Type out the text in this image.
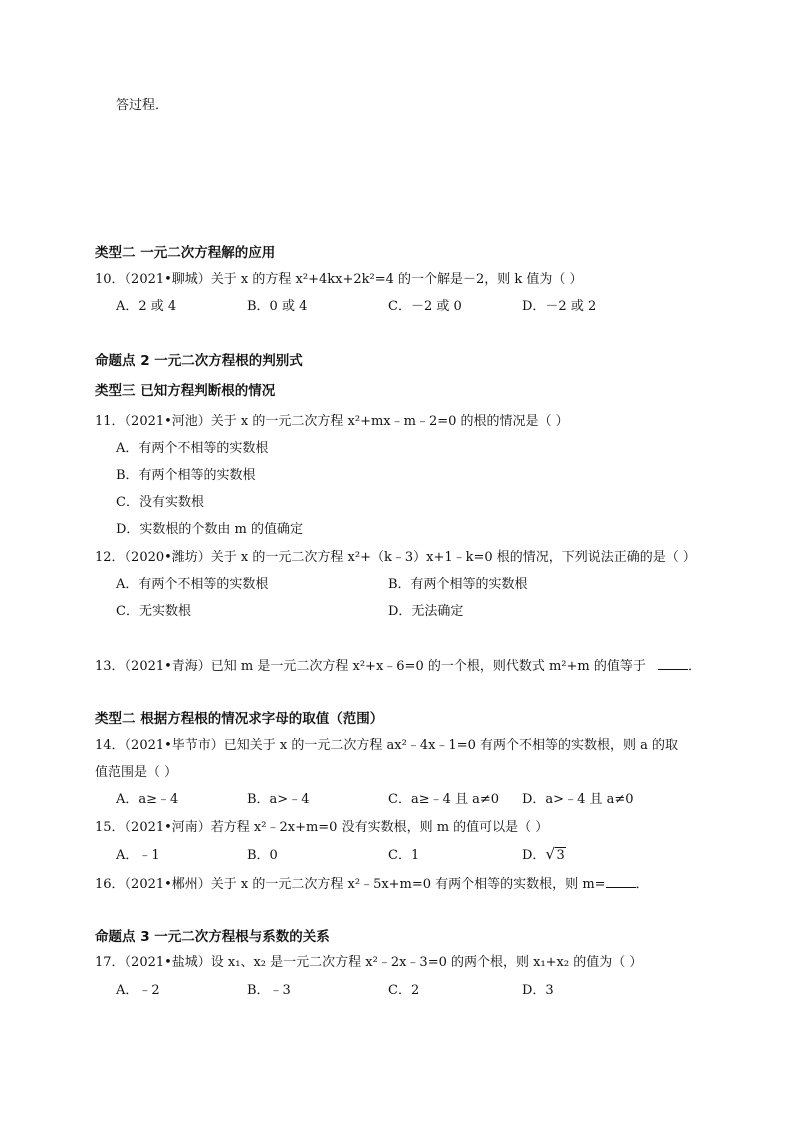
答过程．
类型二 一元二次方程解的应用
10．（2021•聊城）关于 x 的方程 x²+4kx+2k²=4 的一个解是－2，则 k 值为（ ）
A．2 或 4	B．0 或 4	C．－2 或 0	D．－2 或 2
命题点 2 一元二次方程根的判别式
类型三 已知方程判断根的情况
11．（2021•河池）关于 x 的一元二次方程 x²+mx﹣m﹣2=0 的根的情况是（ ）
A．有两个不相等的实数根
B．有两个相等的实数根
C．没有实数根
D．实数根的个数由 m 的值确定
12．（2020•潍坊）关于 x 的一元二次方程 x²+（k﹣3）x+1﹣k=0 根的情况，下列说法正确的是（ ）
A．有两个不相等的实数根	B．有两个相等的实数根
C．无实数根	D．无法确定
13．（2021•青海）已知 m 是一元二次方程 x²+x﹣6=0 的一个根，则代数式 m²+m 的值等于	．
类型二 根据方程根的情况求字母的取值（范围）
14．（2021•毕节市）已知关于 x 的一元二次方程 ax²﹣4x﹣1=0 有两个不相等的实数根，则 a 的取
值范围是（ ）
A．a≥﹣4	B．a>﹣4	C．a≥﹣4 且 a≠0 D．a>﹣4 且 a≠0
15．（2021•河南）若方程 x²﹣2x+m=0 没有实数根，则 m 的值可以是（ ）
A．﹣1	B．0	C．1	D． √ 3
16．（2021•郴州）关于 x 的一元二次方程 x²﹣5x+m=0 有两个相等的实数根，则 m= ．
命题点 3 一元二次方程根与系数的关系
17．（2021•盐城）设 x₁、x₂ 是一元二次方程 x²﹣2x﹣3=0 的两个根，则 x₁+x₂ 的值为（ ）
A．﹣2	B．﹣3	C．2	D．3
